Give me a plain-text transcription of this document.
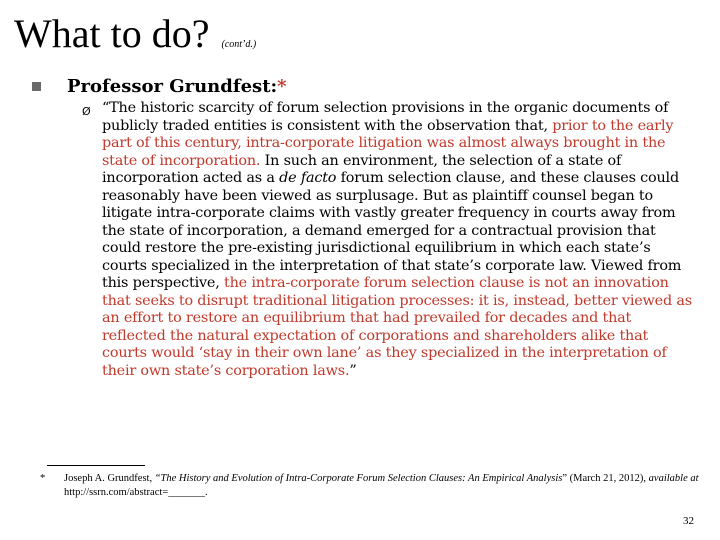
What to do? (cont’d.)
Professor Grundfest:*
Ø “The historic scarcity of forum selection provisions in the organic documents of publicly traded entities is consistent with the observation that, prior to the early part of this century, intra-corporate litigation was almost always brought in the state of incorporation. In such an environment, the selection of a state of incorporation acted as a de facto forum selection clause, and these clauses could reasonably have been viewed as surplusage. But as plaintiff counsel began to litigate intra-corporate claims with vastly greater frequency in courts away from the state of incorporation, a demand emerged for a contractual provision that could restore the pre-existing jurisdictional equilibrium in which each state’s courts specialized in the interpretation of that state’s corporate law. Viewed from this perspective, the intra-corporate forum selection clause is not an innovation that seeks to disrupt traditional litigation processes: it is, instead, better viewed as an effort to restore an equilibrium that had prevailed for decades and that reflected the natural expectation of corporations and shareholders alike that courts would ‘stay in their own lane’ as they specialized in the interpretation of their own state’s corporation laws.”
* Joseph A. Grundfest, “The History and Evolution of Intra-Corporate Forum Selection Clauses: An Empirical Analysis” (March 21, 2012), available at http://ssrn.com/abstract=_______.
32
